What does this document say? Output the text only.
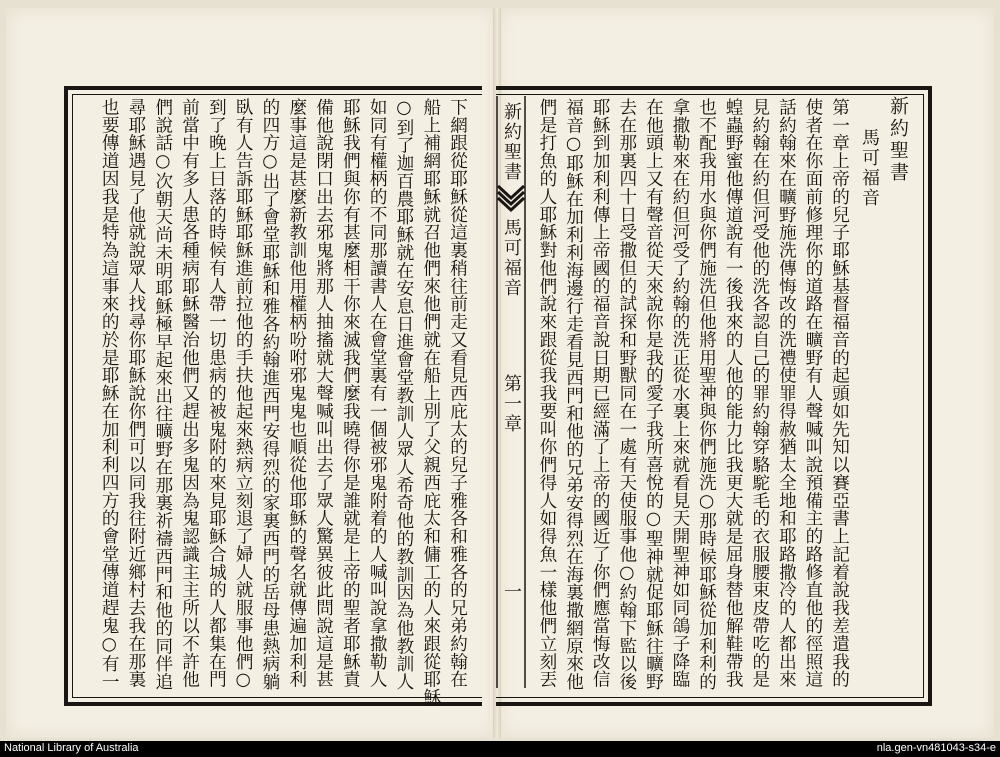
新約聖書
馬可福音
第一章上帝的兒子耶穌基督福音的起頭如先知以賽亞書上記着說我差遣我的
使者在你面前修理你的道路在曠野有人聲喊叫說預備主的路修直他的徑照這
話約翰來在曠野施洗傳悔改的洗禮使罪得赦猶太全地和耶路撒冷的人都出來
見約翰在約但河受他的洗各認自己的罪約翰穿駱駝毛的衣服腰束皮帶吃的是
蝗蟲野蜜他傳道說有一後我來的人他的能力比我更大就是屈身替他解鞋帶我
也不配我用水與你們施洗但他將用聖神與你們施洗○那時候耶穌從加利利的
拿撒勒來在約但河受了約翰的洗正從水裏上來就看見天開聖神如同鴿子降臨
在他頭上又有聲音從天來說你是我的愛子我所喜悅的○聖神就促耶穌往曠野
去在那裏四十日受撒但的試探和野獸同在一處有天使服事他○約翰下監以後
耶穌到加利利傳上帝國的福音說日期已經滿了上帝的國近了你們應當悔改信
福音○耶穌在加利利海邊行走看見西門和他的兄弟安得烈在海裏撒網原來他
們是打魚的人耶穌對他們說來跟從我我要叫你們得人如得魚一樣他們立刻丟
下網跟從耶穌從這裏稍往前走又看見西庇太的兒子雅各和雅各的兄弟約翰在
船上補網耶穌就召他們來他們就在船上別了父親西庇太和傭工的人來跟從耶穌
○到了迦百農耶穌就在安息日進會堂教訓人眾人希奇他的教訓因為他教訓人
如同有權柄的不同那讀書人在會堂裏有一個被邪鬼附着的人喊叫說拿撒勒人
耶穌我們與你有甚麼相干你來滅我們麼我曉得你是誰就是上帝的聖者耶穌責
備他說閉口出去邪鬼將那人抽搐就大聲喊叫出去了眾人驚異彼此問說這是甚
麼事這是甚麼新教訓他用權柄吩咐邪鬼鬼也順從他耶穌的聲名就傳遍加利利
的四方○出了會堂耶穌和雅各約翰進西門安得烈的家裏西門的岳母患熱病躺
臥有人告訴耶穌耶穌進前拉他的手扶他起來熱病立刻退了婦人就服事他們○
到了晚上日落的時候有人帶一切患病的被鬼附的來見耶穌合城的人都集在門
前當中有多人患各種病耶穌醫治他們又趕出多鬼因為鬼認識主主所以不許他
們說話○次朝天尚未明耶穌極早起來出往曠野在那裏祈禱西門和他的同伴追
尋耶穌遇見了他就說眾人找尋你耶穌說你們可以同我往附近鄉村去我在那裏
也要傳道因我是特為這事來的於是耶穌在加利利四方的會堂傳道趕鬼○有一	新約聖書
馬可福音
第一章
一
National Library of Australia	nla.gen-vn481043-s34-e
